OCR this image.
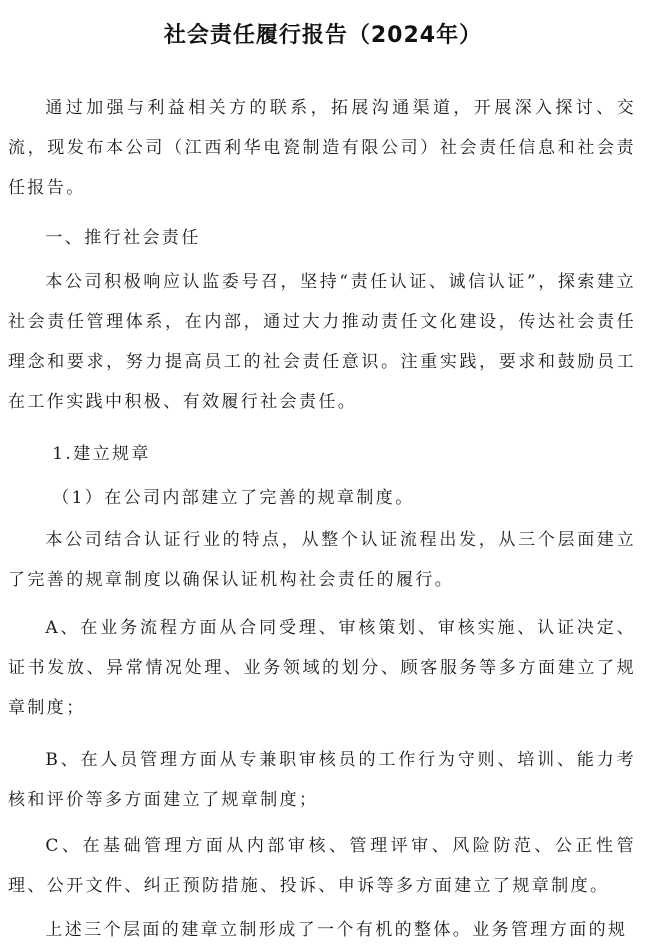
社会责任履行报告（2024年）

通过加强与利益相关方的联系，拓展沟通渠道，开展深入探讨、交流，现发布本公司（江西利华电瓷制造有限公司）社会责任信息和社会责任报告。

一、推行社会责任

本公司积极响应认监委号召，坚持“责任认证、诚信认证”，探索建立社会责任管理体系，在内部，通过大力推动责任文化建设，传达社会责任理念和要求，努力提高员工的社会责任意识。注重实践，要求和鼓励员工在工作实践中积极、有效履行社会责任。

1.建立规章

（1）在公司内部建立了完善的规章制度。

本公司结合认证行业的特点，从整个认证流程出发，从三个层面建立了完善的规章制度以确保认证机构社会责任的履行。

A、在业务流程方面从合同受理、审核策划、审核实施、认证决定、证书发放、异常情况处理、业务领域的划分、顾客服务等多方面建立了规章制度；

B、在人员管理方面从专兼职审核员的工作行为守则、培训、能力考核和评价等多方面建立了规章制度；

C、在基础管理方面从内部审核、管理评审、风险防范、公正性管理、公开文件、纠正预防措施、投诉、申诉等多方面建立了规章制度。

上述三个层面的建章立制形成了一个有机的整体。业务管理方面的规
